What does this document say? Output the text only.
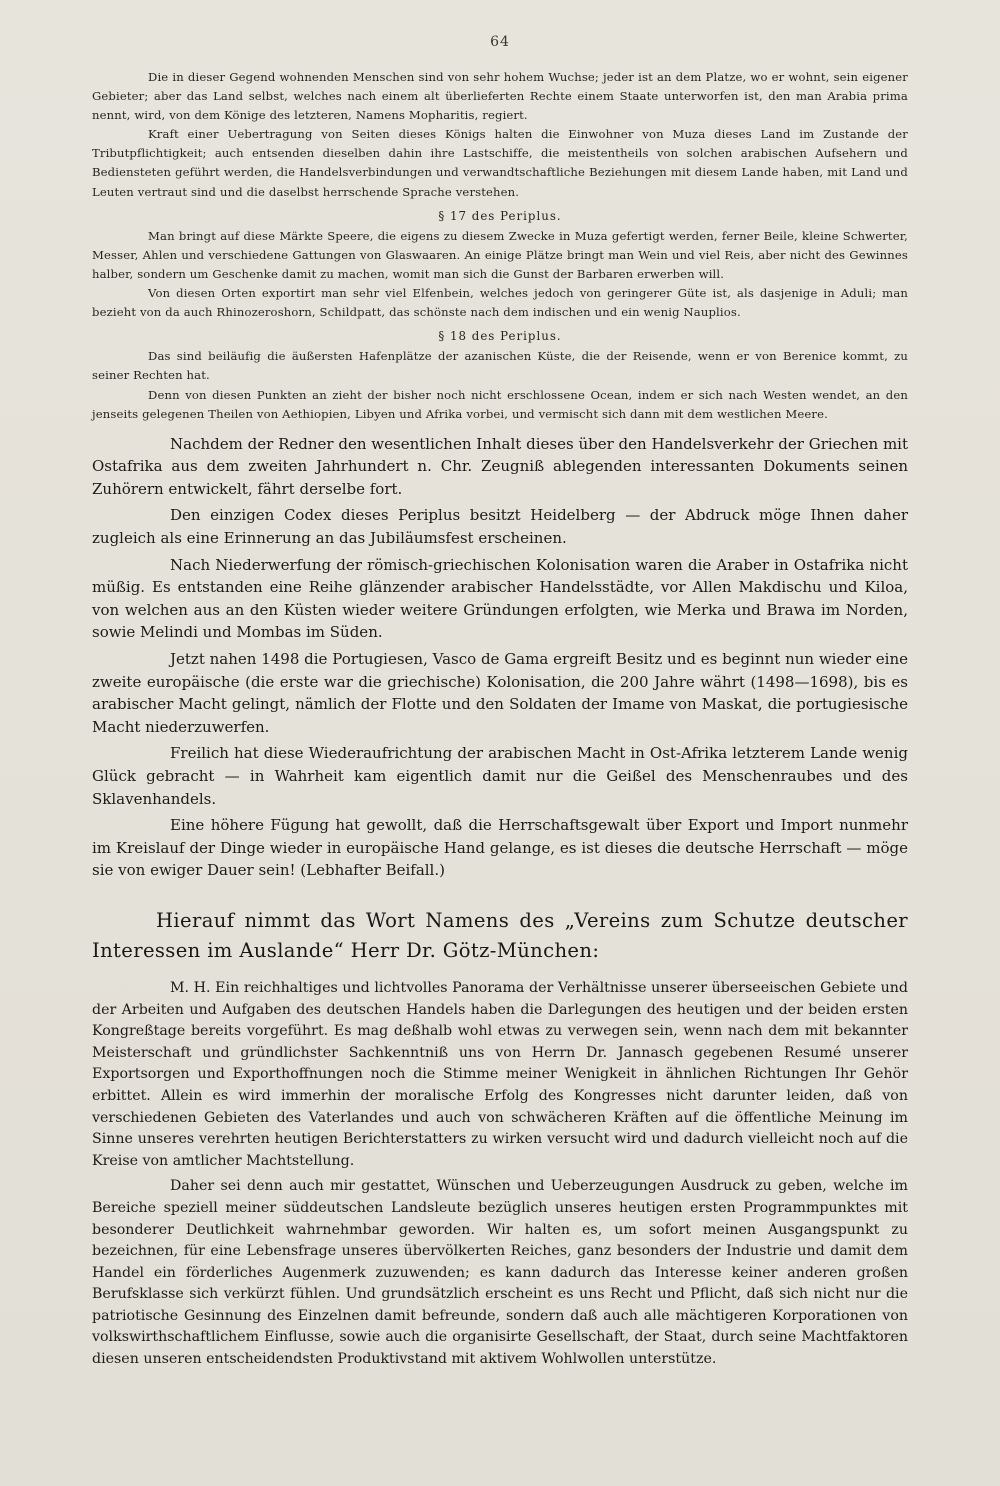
64

Die in dieser Gegend wohnenden Menschen sind von sehr hohem Wuchse; jeder ist an dem Platze, wo er wohnt, sein eigener Gebieter; aber das Land selbst, welches nach einem alt überlieferten Rechte einem Staate unterworfen ist, den man Arabia prima nennt, wird, von dem Könige des letzteren, Namens Mopharitis, regiert.

Kraft einer Uebertragung von Seiten dieses Königs halten die Einwohner von Muza dieses Land im Zustande der Tributpflichtigkeit; auch entsenden dieselben dahin ihre Lastschiffe, die meistentheils von solchen arabischen Aufsehern und Bediensteten geführt werden, die Handelsverbindungen und verwandtschaftliche Beziehungen mit diesem Lande haben, mit Land und Leuten vertraut sind und die daselbst herrschende Sprache verstehen.

§ 17 des Periplus.

Man bringt auf diese Märkte Speere, die eigens zu diesem Zwecke in Muza gefertigt werden, ferner Beile, kleine Schwerter, Messer, Ahlen und verschiedene Gattungen von Glaswaaren. An einige Plätze bringt man Wein und viel Reis, aber nicht des Gewinnes halber, sondern um Geschenke damit zu machen, womit man sich die Gunst der Barbaren erwerben will.

Von diesen Orten exportirt man sehr viel Elfenbein, welches jedoch von geringerer Güte ist, als dasjenige in Aduli; man bezieht von da auch Rhinozeroshorn, Schildpatt, das schönste nach dem indischen und ein wenig Nauplios.

§ 18 des Periplus.

Das sind beiläufig die äußersten Hafenplätze der azanischen Küste, die der Reisende, wenn er von Berenice kommt, zu seiner Rechten hat.

Denn von diesen Punkten an zieht der bisher noch nicht erschlossene Ocean, indem er sich nach Westen wendet, an den jenseits gelegenen Theilen von Aethiopien, Libyen und Afrika vorbei, und vermischt sich dann mit dem westlichen Meere.

Nachdem der Redner den wesentlichen Inhalt dieses über den Handelsverkehr der Griechen mit Ostafrika aus dem zweiten Jahrhundert n. Chr. Zeugniß ablegenden interessanten Dokuments seinen Zuhörern entwickelt, fährt derselbe fort.

Den einzigen Codex dieses Periplus besitzt Heidelberg — der Abdruck möge Ihnen daher zugleich als eine Erinnerung an das Jubiläumsfest erscheinen.

Nach Niederwerfung der römisch-griechischen Kolonisation waren die Araber in Ostafrika nicht müßig. Es entstanden eine Reihe glänzender arabischer Handelsstädte, vor Allen Makdischu und Kiloa, von welchen aus an den Küsten wieder weitere Gründungen erfolgten, wie Merka und Brawa im Norden, sowie Melindi und Mombas im Süden.

Jetzt nahen 1498 die Portugiesen, Vasco de Gama ergreift Besitz und es beginnt nun wieder eine zweite europäische (die erste war die griechische) Kolonisation, die 200 Jahre währt (1498—1698), bis es arabischer Macht gelingt, nämlich der Flotte und den Soldaten der Imame von Maskat, die portugiesische Macht niederzuwerfen.

Freilich hat diese Wiederaufrichtung der arabischen Macht in Ost-Afrika letzterem Lande wenig Glück gebracht — in Wahrheit kam eigentlich damit nur die Geißel des Menschenraubes und des Sklavenhandels.

Eine höhere Fügung hat gewollt, daß die Herrschaftsgewalt über Export und Import nunmehr im Kreislauf der Dinge wieder in europäische Hand gelange, es ist dieses die deutsche Herrschaft — möge sie von ewiger Dauer sein! (Lebhafter Beifall.)

Hierauf nimmt das Wort Namens des „Vereins zum Schutze deutscher Interessen im Auslande“ Herr Dr. Götz-München:

M. H. Ein reichhaltiges und lichtvolles Panorama der Verhältnisse unserer überseeischen Gebiete und der Arbeiten und Aufgaben des deutschen Handels haben die Darlegungen des heutigen und der beiden ersten Kongreßtage bereits vorgeführt. Es mag deßhalb wohl etwas zu verwegen sein, wenn nach dem mit bekannter Meisterschaft und gründlichster Sachkenntniß uns von Herrn Dr. Jannasch gegebenen Resumé unserer Exportsorgen und Exporthoffnungen noch die Stimme meiner Wenigkeit in ähnlichen Richtungen Ihr Gehör erbittet. Allein es wird immerhin der moralische Erfolg des Kongresses nicht darunter leiden, daß von verschiedenen Gebieten des Vaterlandes und auch von schwächeren Kräften auf die öffentliche Meinung im Sinne unseres verehrten heutigen Berichterstatters zu wirken versucht wird und dadurch vielleicht noch auf die Kreise von amtlicher Machtstellung.

Daher sei denn auch mir gestattet, Wünschen und Ueberzeugungen Ausdruck zu geben, welche im Bereiche speziell meiner süddeutschen Landsleute bezüglich unseres heutigen ersten Programmpunktes mit besonderer Deutlichkeit wahrnehmbar geworden. Wir halten es, um sofort meinen Ausgangspunkt zu bezeichnen, für eine Lebensfrage unseres übervölkerten Reiches, ganz besonders der Industrie und damit dem Handel ein förderliches Augenmerk zuzuwenden; es kann dadurch das Interesse keiner anderen großen Berufsklasse sich verkürzt fühlen. Und grundsätzlich erscheint es uns Recht und Pflicht, daß sich nicht nur die patriotische Gesinnung des Einzelnen damit befreunde, sondern daß auch alle mächtigeren Korporationen von volkswirthschaftlichem Einflusse, sowie auch die organisirte Gesellschaft, der Staat, durch seine Machtfaktoren diesen unseren entscheidendsten Produktivstand mit aktivem Wohlwollen unterstütze.
